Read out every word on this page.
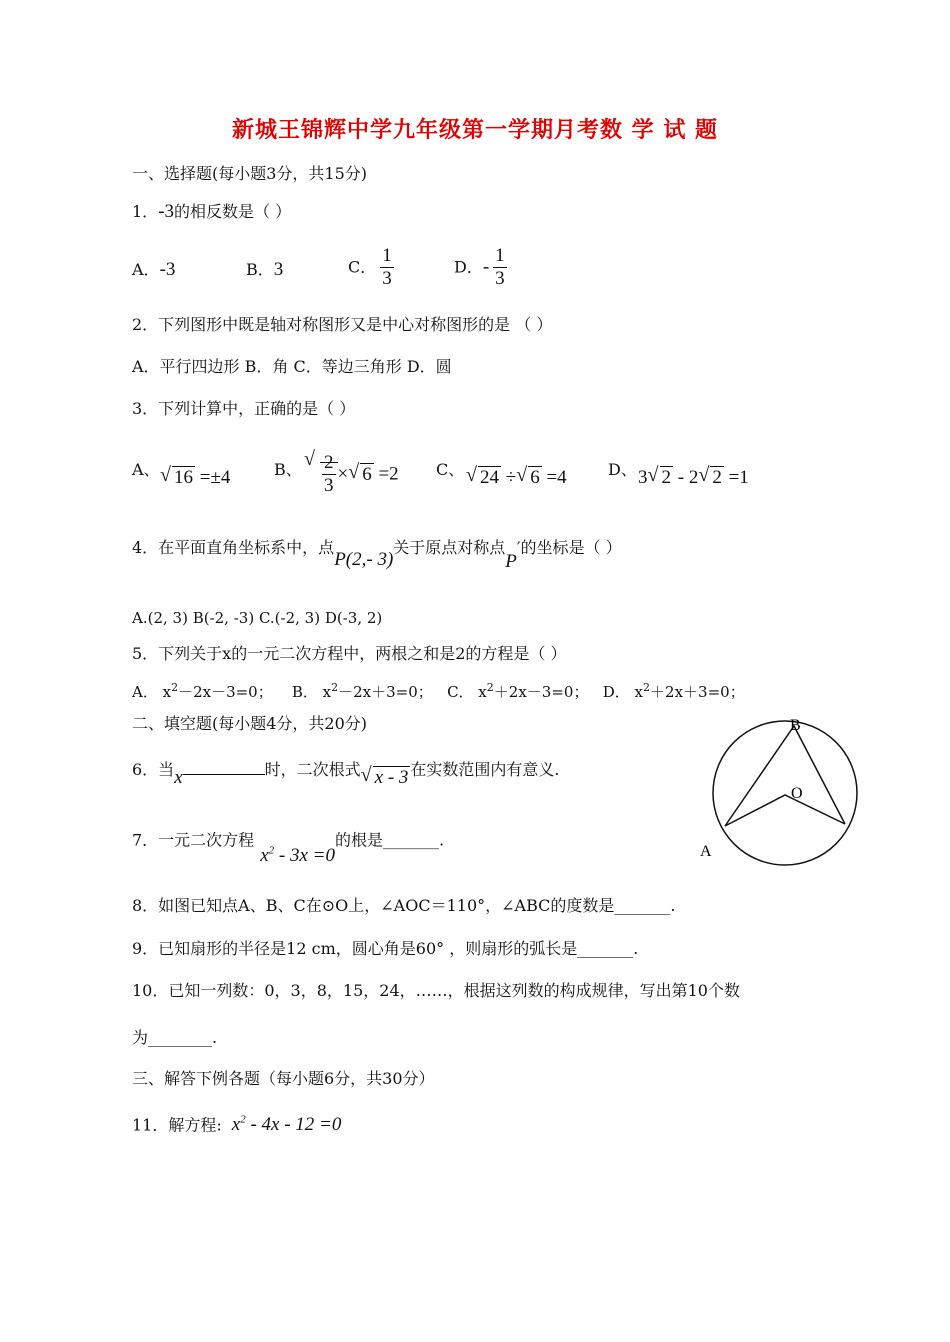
新城王锦辉中学九年级第一学期月考数 学 试 题
一、选择题(每小题3分，共15分)
1．-3的相反数是（ ）
A．-3	B．3	C． $\frac{1}{3}$	D．- $\frac{1}{3}$
2．下列图形中既是轴对称图形又是中心对称图形的是 （ ）
A．平行四边形 B．角 C．等边三角形 D．圆
3．下列计算中，正确的是（ ）
A、 √ 16 =±4	B、 √ $\frac{2}{3}$ × √ 6 =2 C、 √ 24 ÷ √ 6 =4	D、 3 √ 2 - 2 √ 2 =1
4．在平面直角坐标系中，点P(2,- 3)关于原点对称点P′的坐标是（ ）
A.(2, 3) B(-2, -3) C.(-2, 3) D(-3, 2)
5．下列关于x的一元二次方程中，两根之和是2的方程是（ ）
A． $x^2-2x-3=0$； B． $x^2-2x+3=0$； C． $x^2+2x-3=0$； D． $x^2+2x+3=0$；
二、填空题(每小题4分，共20分)
6．当x	时，二次根式 √ x - 3 在实数范围内有意义.
7．一元二次方程$x^2 - 3x =0$的根是_______.
B
O
A
8．如图已知点A、B、C在⊙O上，∠AOC＝110°，∠ABC的度数是_______.
9．已知扇形的半径是12 cm，圆心角是60° ，则扇形的弧长是_______.
10．已知一列数：0，3，8，15，24，……，根据这列数的构成规律，写出第10个数
为________.
三、解答下例各题（每小题6分，共30分）
11．解方程: $x^2 - 4x - 12 =0$
